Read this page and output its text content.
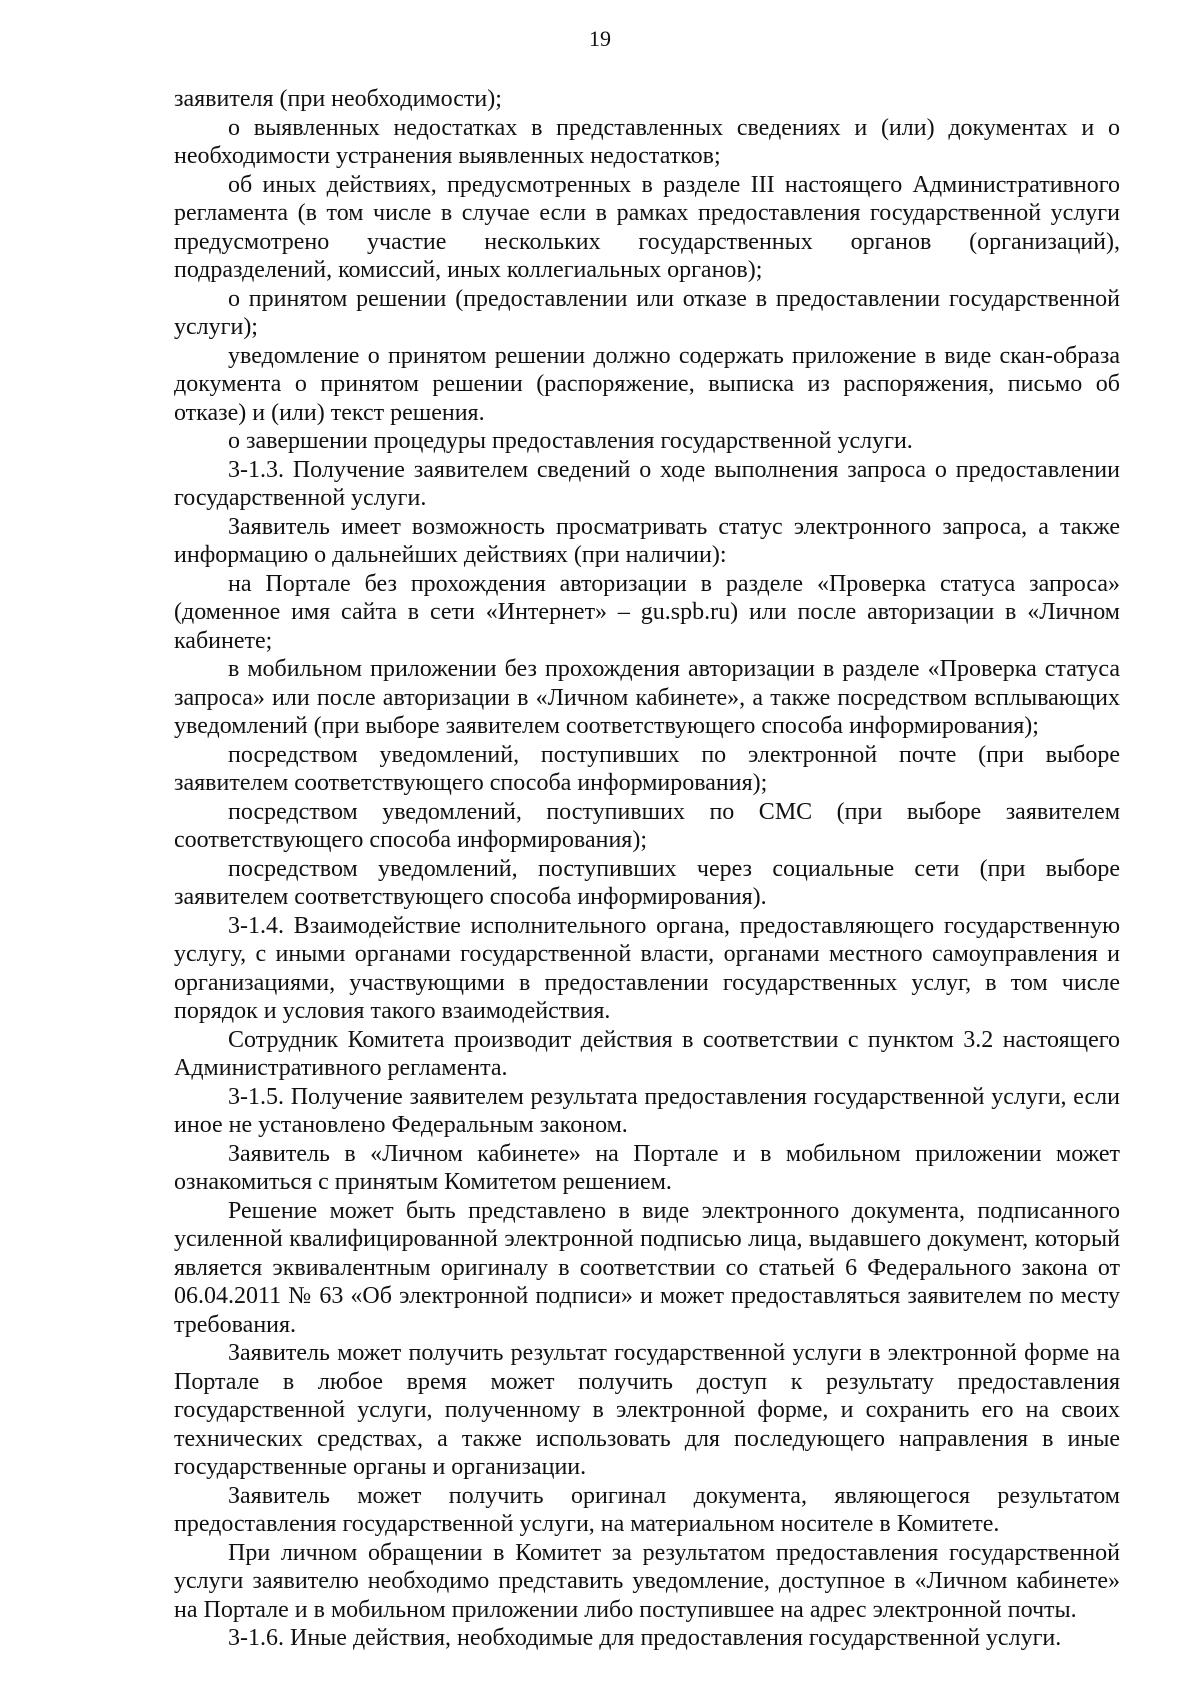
19

заявителя (при необходимости);

о выявленных недостатках в представленных сведениях и (или) документах и о необходимости устранения выявленных недостатков;

об иных действиях, предусмотренных в разделе III настоящего Административного регламента (в том числе в случае если в рамках предоставления государственной услуги предусмотрено участие нескольких государственных органов (организаций), подразделений, комиссий, иных коллегиальных органов);

о принятом решении (предоставлении или отказе в предоставлении государственной услуги);

уведомление о принятом решении должно содержать приложение в виде скан-образа документа о принятом решении (распоряжение, выписка из распоряжения, письмо об отказе) и (или) текст решения.

о завершении процедуры предоставления государственной услуги.

3-1.3. Получение заявителем сведений о ходе выполнения запроса о предоставлении государственной услуги.

Заявитель имеет возможность просматривать статус электронного запроса, а также информацию о дальнейших действиях (при наличии):

на Портале без прохождения авторизации в разделе «Проверка статуса запроса» (доменное имя сайта в сети «Интернет» – gu.spb.ru) или после авторизации в «Личном кабинете;

в мобильном приложении без прохождения авторизации в разделе «Проверка статуса запроса» или после авторизации в «Личном кабинете», а также посредством всплывающих уведомлений (при выборе заявителем соответствующего способа информирования);

посредством уведомлений, поступивших по электронной почте (при выборе заявителем соответствующего способа информирования);

посредством уведомлений, поступивших по СМС (при выборе заявителем соответствующего способа информирования);

посредством уведомлений, поступивших через социальные сети (при выборе заявителем соответствующего способа информирования).

3-1.4. Взаимодействие исполнительного органа, предоставляющего государственную услугу, с иными органами государственной власти, органами местного самоуправления и организациями, участвующими в предоставлении государственных услуг, в том числе порядок и условия такого взаимодействия.

Сотрудник Комитета производит действия в соответствии с пунктом 3.2 настоящего Административного регламента.

3-1.5. Получение заявителем результата предоставления государственной услуги, если иное не установлено Федеральным законом.

Заявитель в «Личном кабинете» на Портале и в мобильном приложении может ознакомиться с принятым Комитетом решением.

Решение может быть представлено в виде электронного документа, подписанного усиленной квалифицированной электронной подписью лица, выдавшего документ, который является эквивалентным оригиналу в соответствии со статьей 6 Федерального закона от 06.04.2011 № 63 «Об электронной подписи» и может предоставляться заявителем по месту требования.

Заявитель может получить результат государственной услуги в электронной форме на Портале в любое время может получить доступ к результату предоставления государственной услуги, полученному в электронной форме, и сохранить его на своих технических средствах, а также использовать для последующего направления в иные государственные органы и организации.

Заявитель может получить оригинал документа, являющегося результатом предоставления государственной услуги, на материальном носителе в Комитете.

При личном обращении в Комитет за результатом предоставления государственной услуги заявителю необходимо представить уведомление, доступное в «Личном кабинете» на Портале и в мобильном приложении либо поступившее на адрес электронной почты.

3-1.6. Иные действия, необходимые для предоставления государственной услуги.
